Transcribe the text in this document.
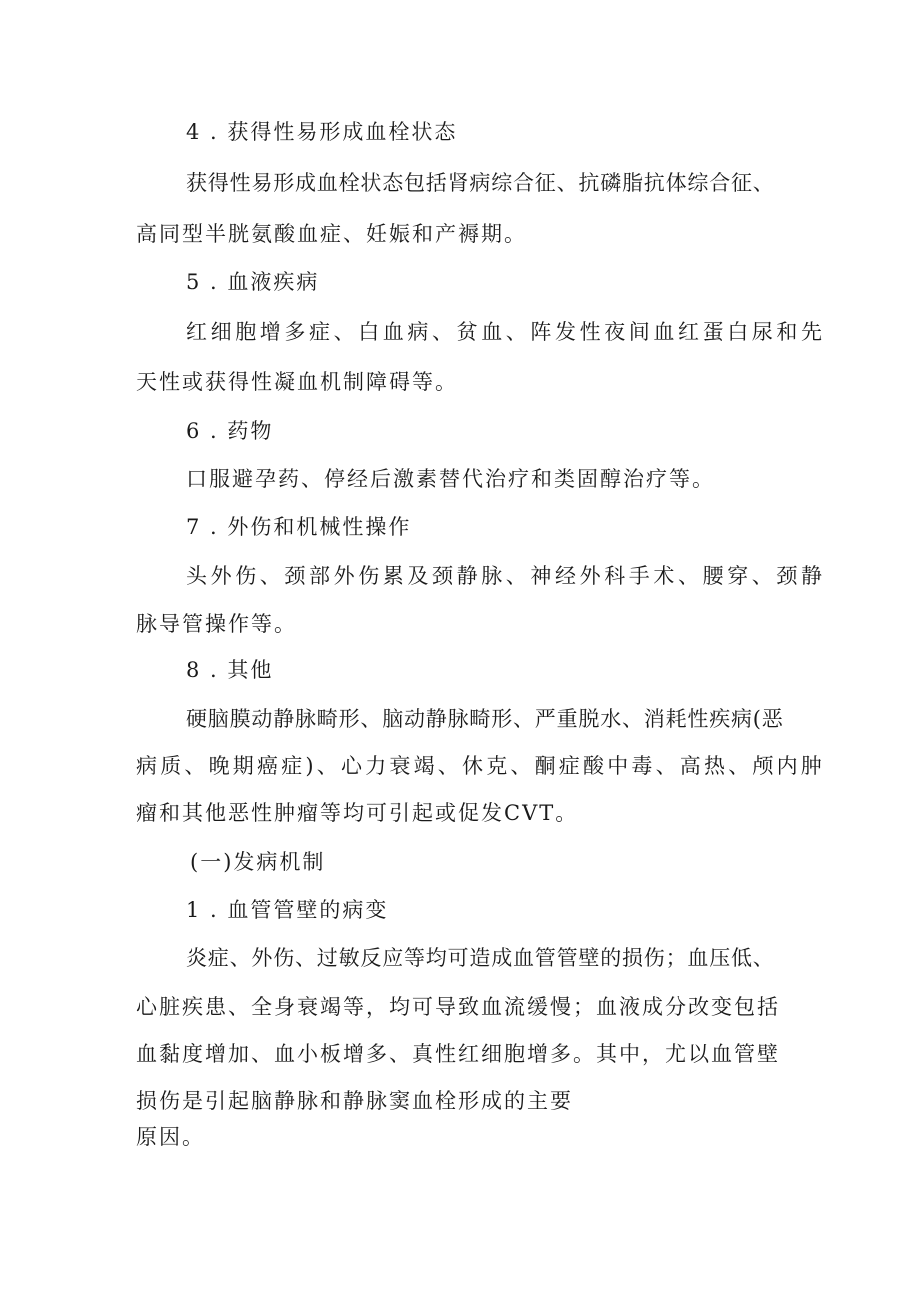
4 . 获得性易形成血栓状态
获得性易形成血栓状态包括肾病综合征、抗磷脂抗体综合征、
高同型半胱氨酸血症、妊娠和产褥期。
5 . 血液疾病
红细胞增多症、白血病、贫血、阵发性夜间血红蛋白尿和先
天性或获得性凝血机制障碍等。
6 . 药物
口服避孕药、停经后激素替代治疗和类固醇治疗等。
7 . 外伤和机械性操作
头外伤、颈部外伤累及颈静脉、神经外科手术、腰穿、颈静
脉导管操作等。
8 . 其他
硬脑膜动静脉畸形、脑动静脉畸形、严重脱水、消耗性疾病(恶
病质、晚期癌症)、心力衰竭、休克、酮症酸中毒、高热、颅内肿
瘤和其他恶性肿瘤等均可引起或促发CVT。
(一)发病机制
1 . 血管管壁的病变
炎症、外伤、过敏反应等均可造成血管管壁的损伤；血压低、
心脏疾患、全身衰竭等，均可导致血流缓慢；血液成分改变包括
血黏度增加、血小板增多、真性红细胞增多。其中，尤以血管壁
损伤是引起脑静脉和静脉窦血栓形成的主要
原因。
